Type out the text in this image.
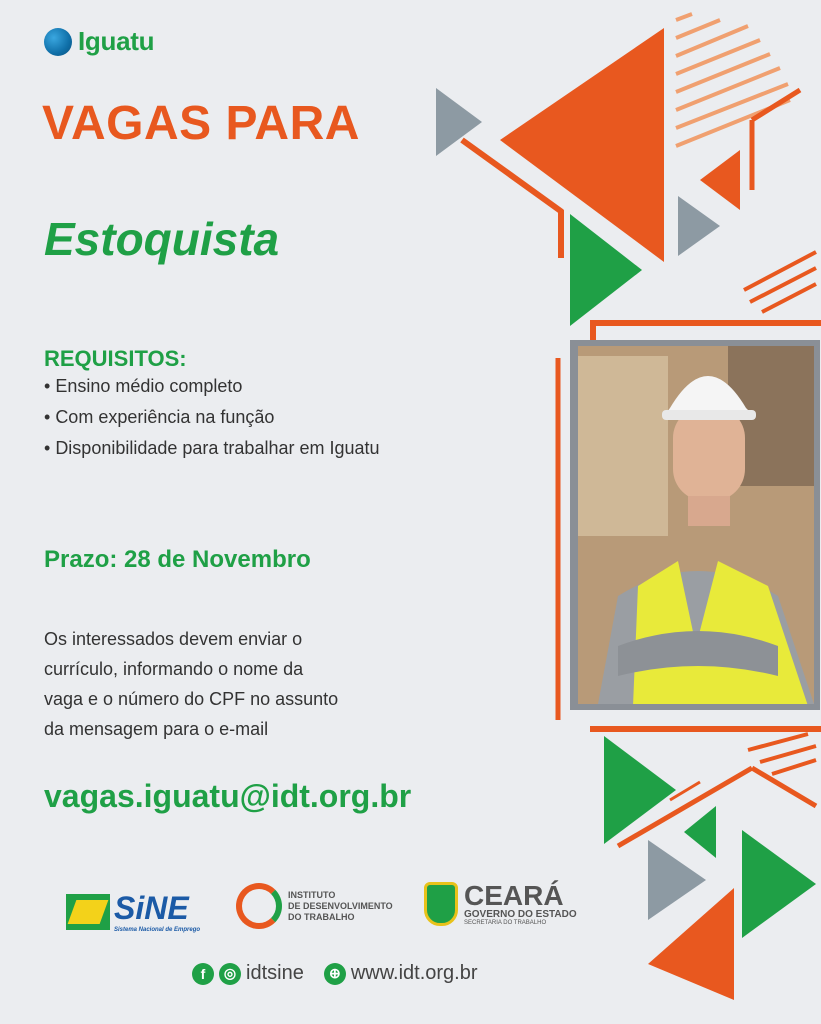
Iguatu
VAGAS PARA
Estoquista
REQUISITOS:
• Ensino médio completo
• Com experiência na função
• Disponibilidade para trabalhar em Iguatu
Prazo: 28 de Novembro
Os interessados devem enviar o
currículo, informando o nome da
vaga e o número do CPF no assunto
da mensagem para o e-mail
vagas.iguatu@idt.org.br
SiNE
Sistema Nacional de Emprego
INSTITUTO
DE DESENVOLVIMENTO
DO TRABALHO
CEARÁ
GOVERNO DO ESTADO
SECRETARIA DO TRABALHO
f	◎ idtsine	⊕ www.idt.org.br
